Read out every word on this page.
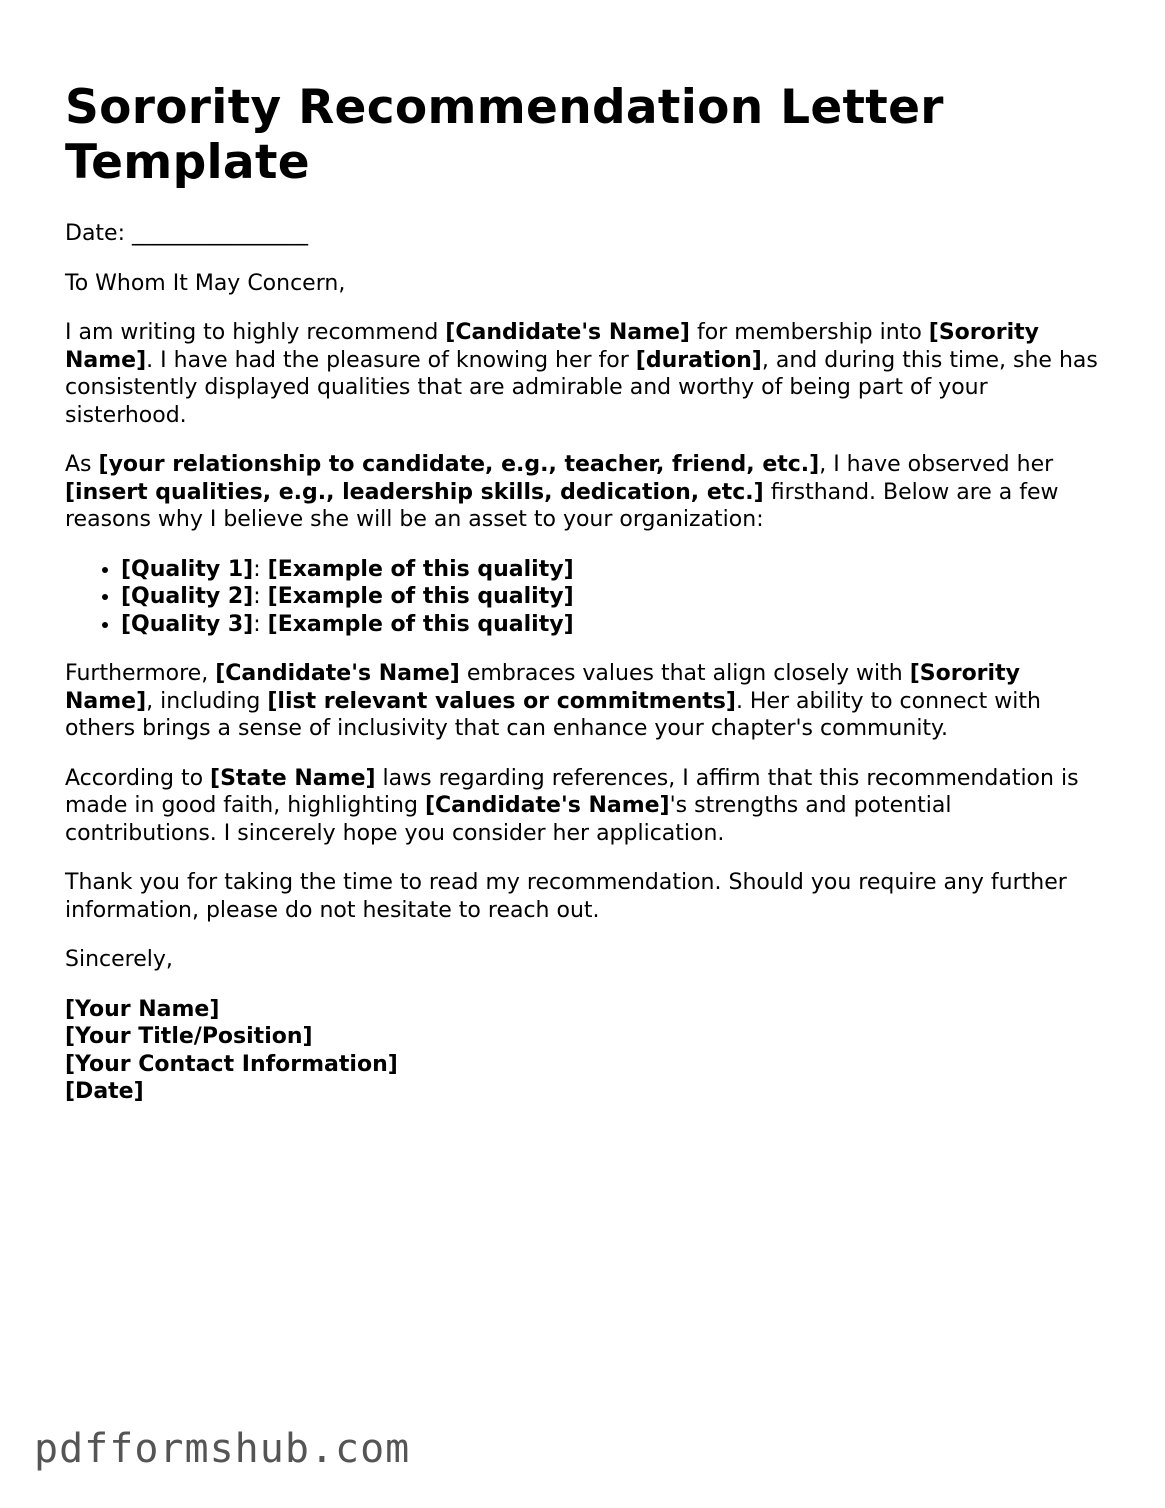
Sorority Recommendation Letter Template

Date: ________________

To Whom It May Concern,

I am writing to highly recommend [Candidate's Name] for membership into [Sorority Name]. I have had the pleasure of knowing her for [duration], and during this time, she has consistently displayed qualities that are admirable and worthy of being part of your sisterhood.

As [your relationship to candidate, e.g., teacher, friend, etc.], I have observed her [insert qualities, e.g., leadership skills, dedication, etc.] firsthand. Below are a few reasons why I believe she will be an asset to your organization:

• [Quality 1]: [Example of this quality]
• [Quality 2]: [Example of this quality]
• [Quality 3]: [Example of this quality]

Furthermore, [Candidate's Name] embraces values that align closely with [Sorority Name], including [list relevant values or commitments]. Her ability to connect with others brings a sense of inclusivity that can enhance your chapter's community.

According to [State Name] laws regarding references, I affirm that this recommendation is made in good faith, highlighting [Candidate's Name]'s strengths and potential contributions. I sincerely hope you consider her application.

Thank you for taking the time to read my recommendation. Should you require any further information, please do not hesitate to reach out.

Sincerely,

[Your Name]

[Your Title/Position]

[Your Contact Information]

[Date]

pdfformshub.com
